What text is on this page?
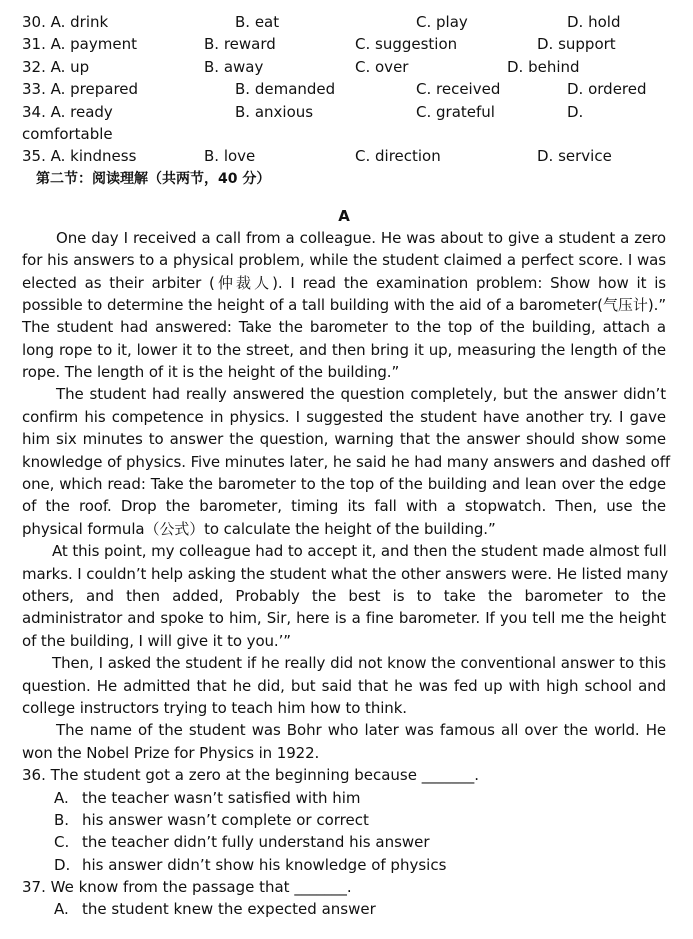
30. A. drink	B. eat	C. play	D. hold
31. A. payment	B. reward	C. suggestion	D. support
32. A. up	B. away	C. over	D. behind
33. A. prepared	B. demanded	C. received	D. ordered
34. A. ready	B. anxious	C. grateful	D.
comfortable
35. A. kindness	B. love	C. direction	D. service
第二节：阅读理解（共两节，40 分）
A

One day I received a call from a colleague. He was about to give a student a zero
for his answers to a physical problem, while the student claimed a perfect score. I was
elected as their arbiter (仲裁人). I read the examination problem: Show how it is
possible to determine the height of a tall building with the aid of a barometer(气压计).”
The student had answered: Take the barometer to the top of the building, attach a
long rope to it, lower it to the street, and then bring it up, measuring the length of the
rope. The length of it is the height of the building.”

The student had really answered the question completely, but the answer didn’t
confirm his competence in physics. I suggested the student have another try. I gave
him six minutes to answer the question, warning that the answer should show some
knowledge of physics. Five minutes later, he said he had many answers and dashed off
one, which read: Take the barometer to the top of the building and lean over the edge
of the roof. Drop the barometer, timing its fall with a stopwatch. Then, use the
physical formula（公式）to calculate the height of the building.”

At this point, my colleague had to accept it, and then the student made almost full
marks. I couldn’t help asking the student what the other answers were. He listed many
others, and then added, Probably the best is to take the barometer to the
administrator and spoke to him, Sir, here is a fine barometer. If you tell me the height
of the building, I will give it to you.’”

Then, I asked the student if he really did not know the conventional answer to this
question. He admitted that he did, but said that he was fed up with high school and
college instructors trying to teach him how to think.

The name of the student was Bohr who later was famous all over the world. He
won the Nobel Prize for Physics in 1922.

36. The student got a zero at the beginning because _______.
A. the teacher wasn’t satisfied with him
B. his answer wasn’t complete or correct
C. the teacher didn’t fully understand his answer
D. his answer didn’t show his knowledge of physics
37. We know from the passage that _______.
A. the student knew the expected answer
